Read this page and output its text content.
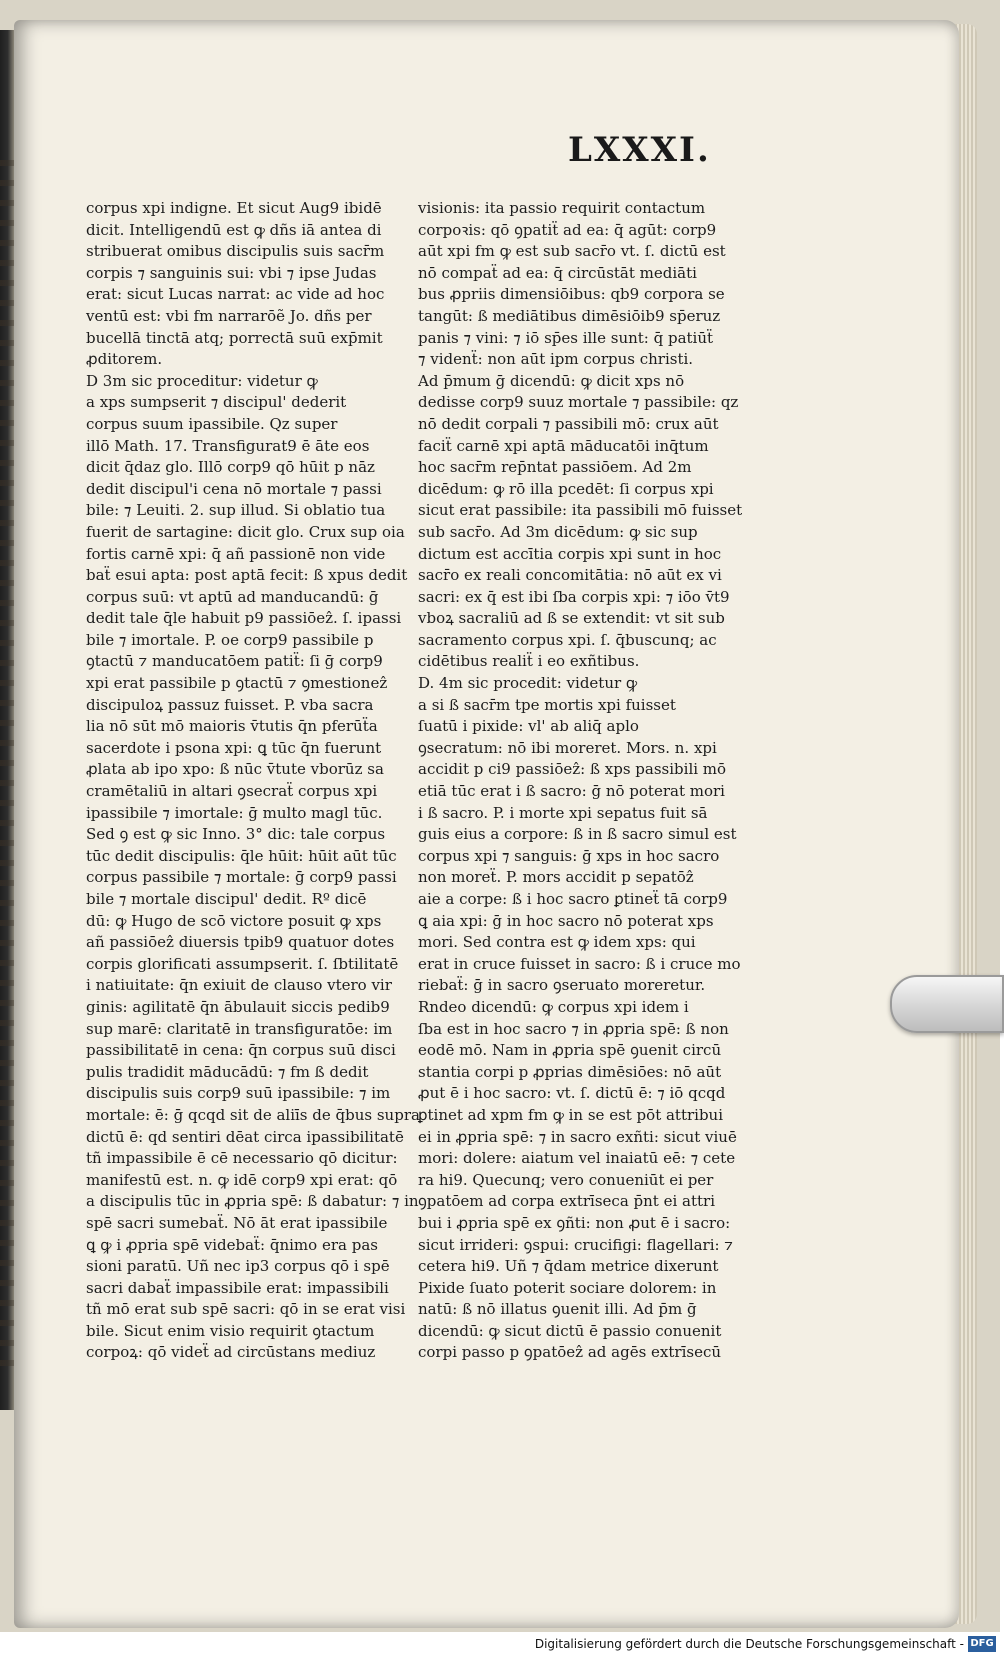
LXXXI.
corpus xpi indigne. Et sicut Aug9 ibidē
dicit. Intelligendū est ꝙ dñs iā antea di
stribuerat omibus discipulis suis sacr̄m
corpis ⁊ sanguinis sui: vbi ⁊ ipse Judas
erat: sicut Lucas narrat: ac vide ad hoc
ventū est: vbi fm narrarōẽ Jo. dñs per
bucellā tinctā atq; porrectā suū exp̄mit
ꝓditorem.
D 3m sic proceditur: videtur ꝙ
a xps sumpserit ⁊ discipul' dederit
corpus suum ipassibile. Qz super
illō Math. 17. Transfigurat9 ē āte eos
dicit q̄daz glo. Illō corp9 qō hūit p nāz
dedit discipul'i cena nō mortale ⁊ passi
bile: ⁊ Leuiti. 2. sup illud. Si oblatio tua
fuerit de sartagine: dicit glo. Crux sup oia
fortis carnē xpi: q̄ añ passionē non vide
baẗ esui apta: post aptā fecit: ß xpus dedit
corpus suū: vt aptū ad manducandū: ḡ
dedit tale q̄le habuit p9 passiōeẑ. ſ. ipassi
bile ⁊ imortale. P. oe corp9 passibile p
ꝯtactū ⁊ manducatōem patiẗ: ſi ḡ corp9
xpi erat passibile p ꝯtactū ⁊ ꝯmestioneẑ
discipuloꝝ passuz fuisset. P. vba sacra
lia nō sūt mō maioris v̄tutis q̄n pferūẗa
sacerdote i psona xpi: ꝗ tūc q̄n fuerunt
ꝓlata ab ipo xpo: ß nūc v̄tute vborūz sa
cramētaliū in altari ꝯsecraẗ corpus xpi
ipassibile ⁊ imortale: ḡ multo magl tūc.
Sed ꝯ est ꝙ sic Inno. 3° dic: tale corpus
tūc dedit discipulis: q̄le hūit: hūit aūt tūc
corpus passibile ⁊ mortale: ḡ corp9 passi
bile ⁊ mortale discipul' dedit. Rº dicē
dū: ꝙ Hugo de scō victore posuit ꝙ xps
añ passiōeẑ diuersis tpib9 quatuor dotes
corpis glorificati assumpserit. ſ. ſbtilitatē
i natiuitate: q̄n exiuit de clauso vtero vir
ginis: agilitatē q̄n ābulauit siccis pedib9
sup marē: claritatē in transfiguratōe: im
passibilitatē in cena: q̄n corpus suū disci
pulis tradidit māducādū: ⁊ fm ß dedit
discipulis suis corp9 suū ipassibile: ⁊ im
mortale: ē: ḡ qcqd sit de aliīs de q̄bus supra
dictū ē: qd sentiri dēat circa ipassibilitatē
tñ impassibile ē cē necessario qō dicitur:
manifestū est. n. ꝙ idē corp9 xpi erat: qō
a discipulis tūc in ꝓpria spē: ß dabatur: ⁊ in
spē sacri sumebaẗ. Nō āt erat ipassibile
ꝗ ꝙ i ꝓpria spē videbaẗ: q̄nimo era pas
sioni paratū. Uñ nec ip3 corpus qō i spē
sacri dabaẗ impassibile erat: impassibili
tñ mō erat sub spē sacri: qō in se erat visi
bile. Sicut enim visio requirit ꝯtactum
corpoꝝ: qō videẗ ad circūstans mediuz
visionis: ita passio requirit contactum
corpoꝛis: qō ꝯpatiẗ ad ea: q̄ agūt: corp9
aūt xpi fm ꝙ est sub sacr̄o vt. ſ. dictū est
nō compaẗ ad ea: q̄ circūstāt mediāti
bus ꝓpriis dimensiōibus: qb9 corpora se
tangūt: ß mediātibus dimēsiōib9 sp̄eruz
panis ⁊ vini: ⁊ iō sp̄es ille sunt: q̄ patiūẗ
⁊ videnẗ: non aūt ipm corpus christi.
Ad p̄mum ḡ dicendū: ꝙ dicit xps nō
dedisse corp9 suuz mortale ⁊ passibile: qz
nō dedit corpali ⁊ passibili mō: crux aūt
faciẗ carnē xpi aptā māducatōi inq̄tum
hoc sacr̄m rep̄ntat passiōem. Ad 2m
dicēdum: ꝙ rō illa pcedēt: ſi corpus xpi
sicut erat passibile: ita passibili mō fuisset
sub sacr̄o. Ad 3m dicēdum: ꝙ sic sup
dictum est accītia corpis xpi sunt in hoc
sacr̄o ex reali concomitātia: nō aūt ex vi
sacri: ex q̄ est ibi ſba corpis xpi: ⁊ iōo v̄t9
vboꝝ sacraliū ad ß se extendit: vt sit sub
sacramento corpus xpi. ſ. q̄buscunq; ac
cidētibus realiẗ i eo exñtibus.
D. 4m sic procedit: videtur ꝙ
a si ß sacr̄m tpe mortis xpi fuisset
ſuatū i pixide: vl' ab aliq̄ aplo
ꝯsecratum: nō ibi moreret. Mors. n. xpi
accidit p ci9 passiōeẑ: ß xps passibili mō
etiā tūc erat i ß sacro: ḡ nō poterat mori
i ß sacro. P. i morte xpi sepatus fuit sā
guis eius a corpore: ß in ß sacro simul est
corpus xpi ⁊ sanguis: ḡ xps in hoc sacro
non moreẗ. P. mors accidit p sepatōẑ
aie a corpe: ß i hoc sacro ꝑtineẗ tā corp9
ꝗ aia xpi: ḡ in hoc sacro nō poterat xps
mori. Sed contra est ꝙ idem xps: qui
erat in cruce fuisset in sacro: ß i cruce mo
riebaẗ: ḡ in sacro ꝯseruato moreretur.
Rndeo dicendū: ꝙ corpus xpi idem i
ſba est in hoc sacro ⁊ in ꝓpria spē: ß non
eodē mō. Nam in ꝓpria spē ꝯuenit circū
stantia corpi p ꝓprias dimēsiōes: nō aūt
ꝓut ē i hoc sacro: vt. ſ. dictū ē: ⁊ iō qcqd
ꝑtinet ad xpm fm ꝙ in se est pōt attribui
ei in ꝓpria spē: ⁊ in sacro exñti: sicut viuē
mori: dolere: aiatum vel inaiatū eē: ⁊ cete
ra hi9. Quecunq; vero conueniūt ei per
ꝯpatōem ad corpa extrīseca p̄nt ei attri
bui i ꝓpria spē ex ꝯñti: non ꝓut ē i sacro:
sicut irrideri: ꝯspui: crucifigi: flagellari: ⁊
cetera hi9. Uñ ⁊ q̄dam metrice dixerunt
Pixide ſuato poterit sociare dolorem: in
natū: ß nō illatus ꝯuenit illi. Ad p̄m ḡ
dicendū: ꝙ sicut dictū ē passio conuenit
corpi passo p ꝯpatōeẑ ad agēs extrīsecū
Digitalisierung gefördert durch die Deutsche Forschungsgemeinschaft - DFG
